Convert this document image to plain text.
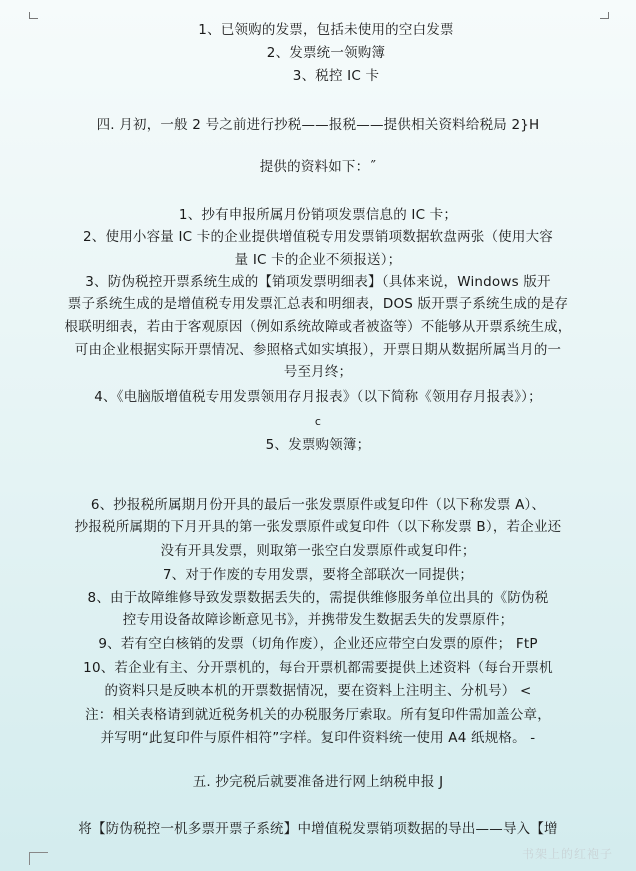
1、已领购的发票，包括未使用的空白发票
2、发票统一领购簿
3、税控 IC 卡
四. 月初，一般 2 号之前进行抄税——报税——提供相关资料给税局 2}H
提供的资料如下：˝
1、抄有申报所属月份销项发票信息的 IC 卡；
2、使用小容量 IC 卡的企业提供增值税专用发票销项数据软盘两张（使用大容
量 IC 卡的企业不须报送）；
3、防伪税控开票系统生成的【销项发票明细表】（具体来说，Windows 版开
票子系统生成的是增值税专用发票汇总表和明细表，DOS 版开票子系统生成的是存
根联明细表，若由于客观原因（例如系统故障或者被盗等）不能够从开票系统生成，
可由企业根据实际开票情况、参照格式如实填报），开票日期从数据所属当月的一
号至月终；
4、《电脑版增值税专用发票领用存月报表》（以下简称《领用存月报表》）；
c
5、发票购领簿；
6、抄报税所属期月份开具的最后一张发票原件或复印件（以下称发票 A）、
抄报税所属期的下月开具的第一张发票原件或复印件（以下称发票 B），若企业还
没有开具发票，则取第一张空白发票原件或复印件；
7、对于作废的专用发票，要将全部联次一同提供；
8、由于故障维修导致发票数据丢失的，需提供维修服务单位出具的《防伪税
控专用设备故障诊断意见书》，并携带发生数据丢失的发票原件；
9、若有空白核销的发票（切角作废），企业还应带空白发票的原件； FtP
10、若企业有主、分开票机的，每台开票机都需要提供上述资料（每台开票机
的资料只是反映本机的开票数据情况，要在资料上注明主、分机号） <
注：相关表格请到就近税务机关的办税服务厅索取。所有复印件需加盖公章，
并写明“此复印件与原件相符”字样。复印件资料统一使用 A4 纸规格。 -
五. 抄完税后就要准备进行网上纳税申报 J
将【防伪税控一机多票开票子系统】中增值税发票销项数据的导出——导入【增
书架上的红袍子
